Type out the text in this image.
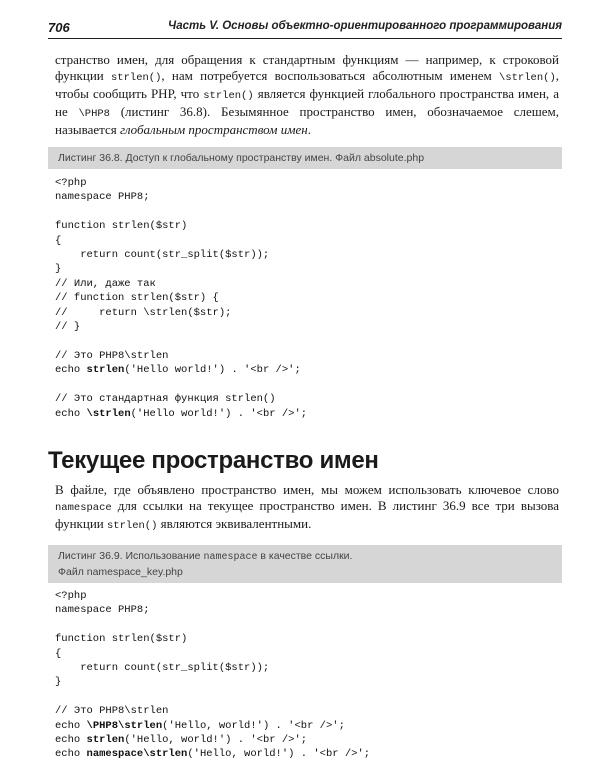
706	Часть V. Основы объектно-ориентированного программирования
странство имен, для обращения к стандартным функциям — например, к строковой функции strlen(), нам потребуется воспользоваться абсолютным именем \strlen(), чтобы сообщить PHP, что strlen() является функцией глобального пространства имен, а не \PHP8 (листинг 36.8). Безымянное пространство имен, обозначаемое слешем, называется глобальным пространством имен.
Листинг 36.8. Доступ к глобальному пространству имен. Файл absolute.php
<?php
namespace PHP8;

function strlen($str)
{
return count(str_split($str));
}
// Или, даже так
// function strlen($str) {
//     return \strlen($str);
// }

// Это PHP8\strlen
echo strlen('Hello world!') . '<br />';

// Это стандартная функция strlen()
echo \strlen('Hello world!') . '<br />';
Текущее пространство имен
В файле, где объявлено пространство имен, мы можем использовать ключевое слово namespace для ссылки на текущее пространство имен. В листинг 36.9 все три вызова функции strlen() являются эквивалентными.
Листинг 36.9. Использование namespace в качестве ссылки.
Файл namespace_key.php
<?php
namespace PHP8;

function strlen($str)
{
return count(str_split($str));
}

// Это PHP8\strlen
echo \PHP8\strlen('Hello, world!') . '<br />';
echo strlen('Hello, world!') . '<br />';
echo namespace\strlen('Hello, world!') . '<br />';
